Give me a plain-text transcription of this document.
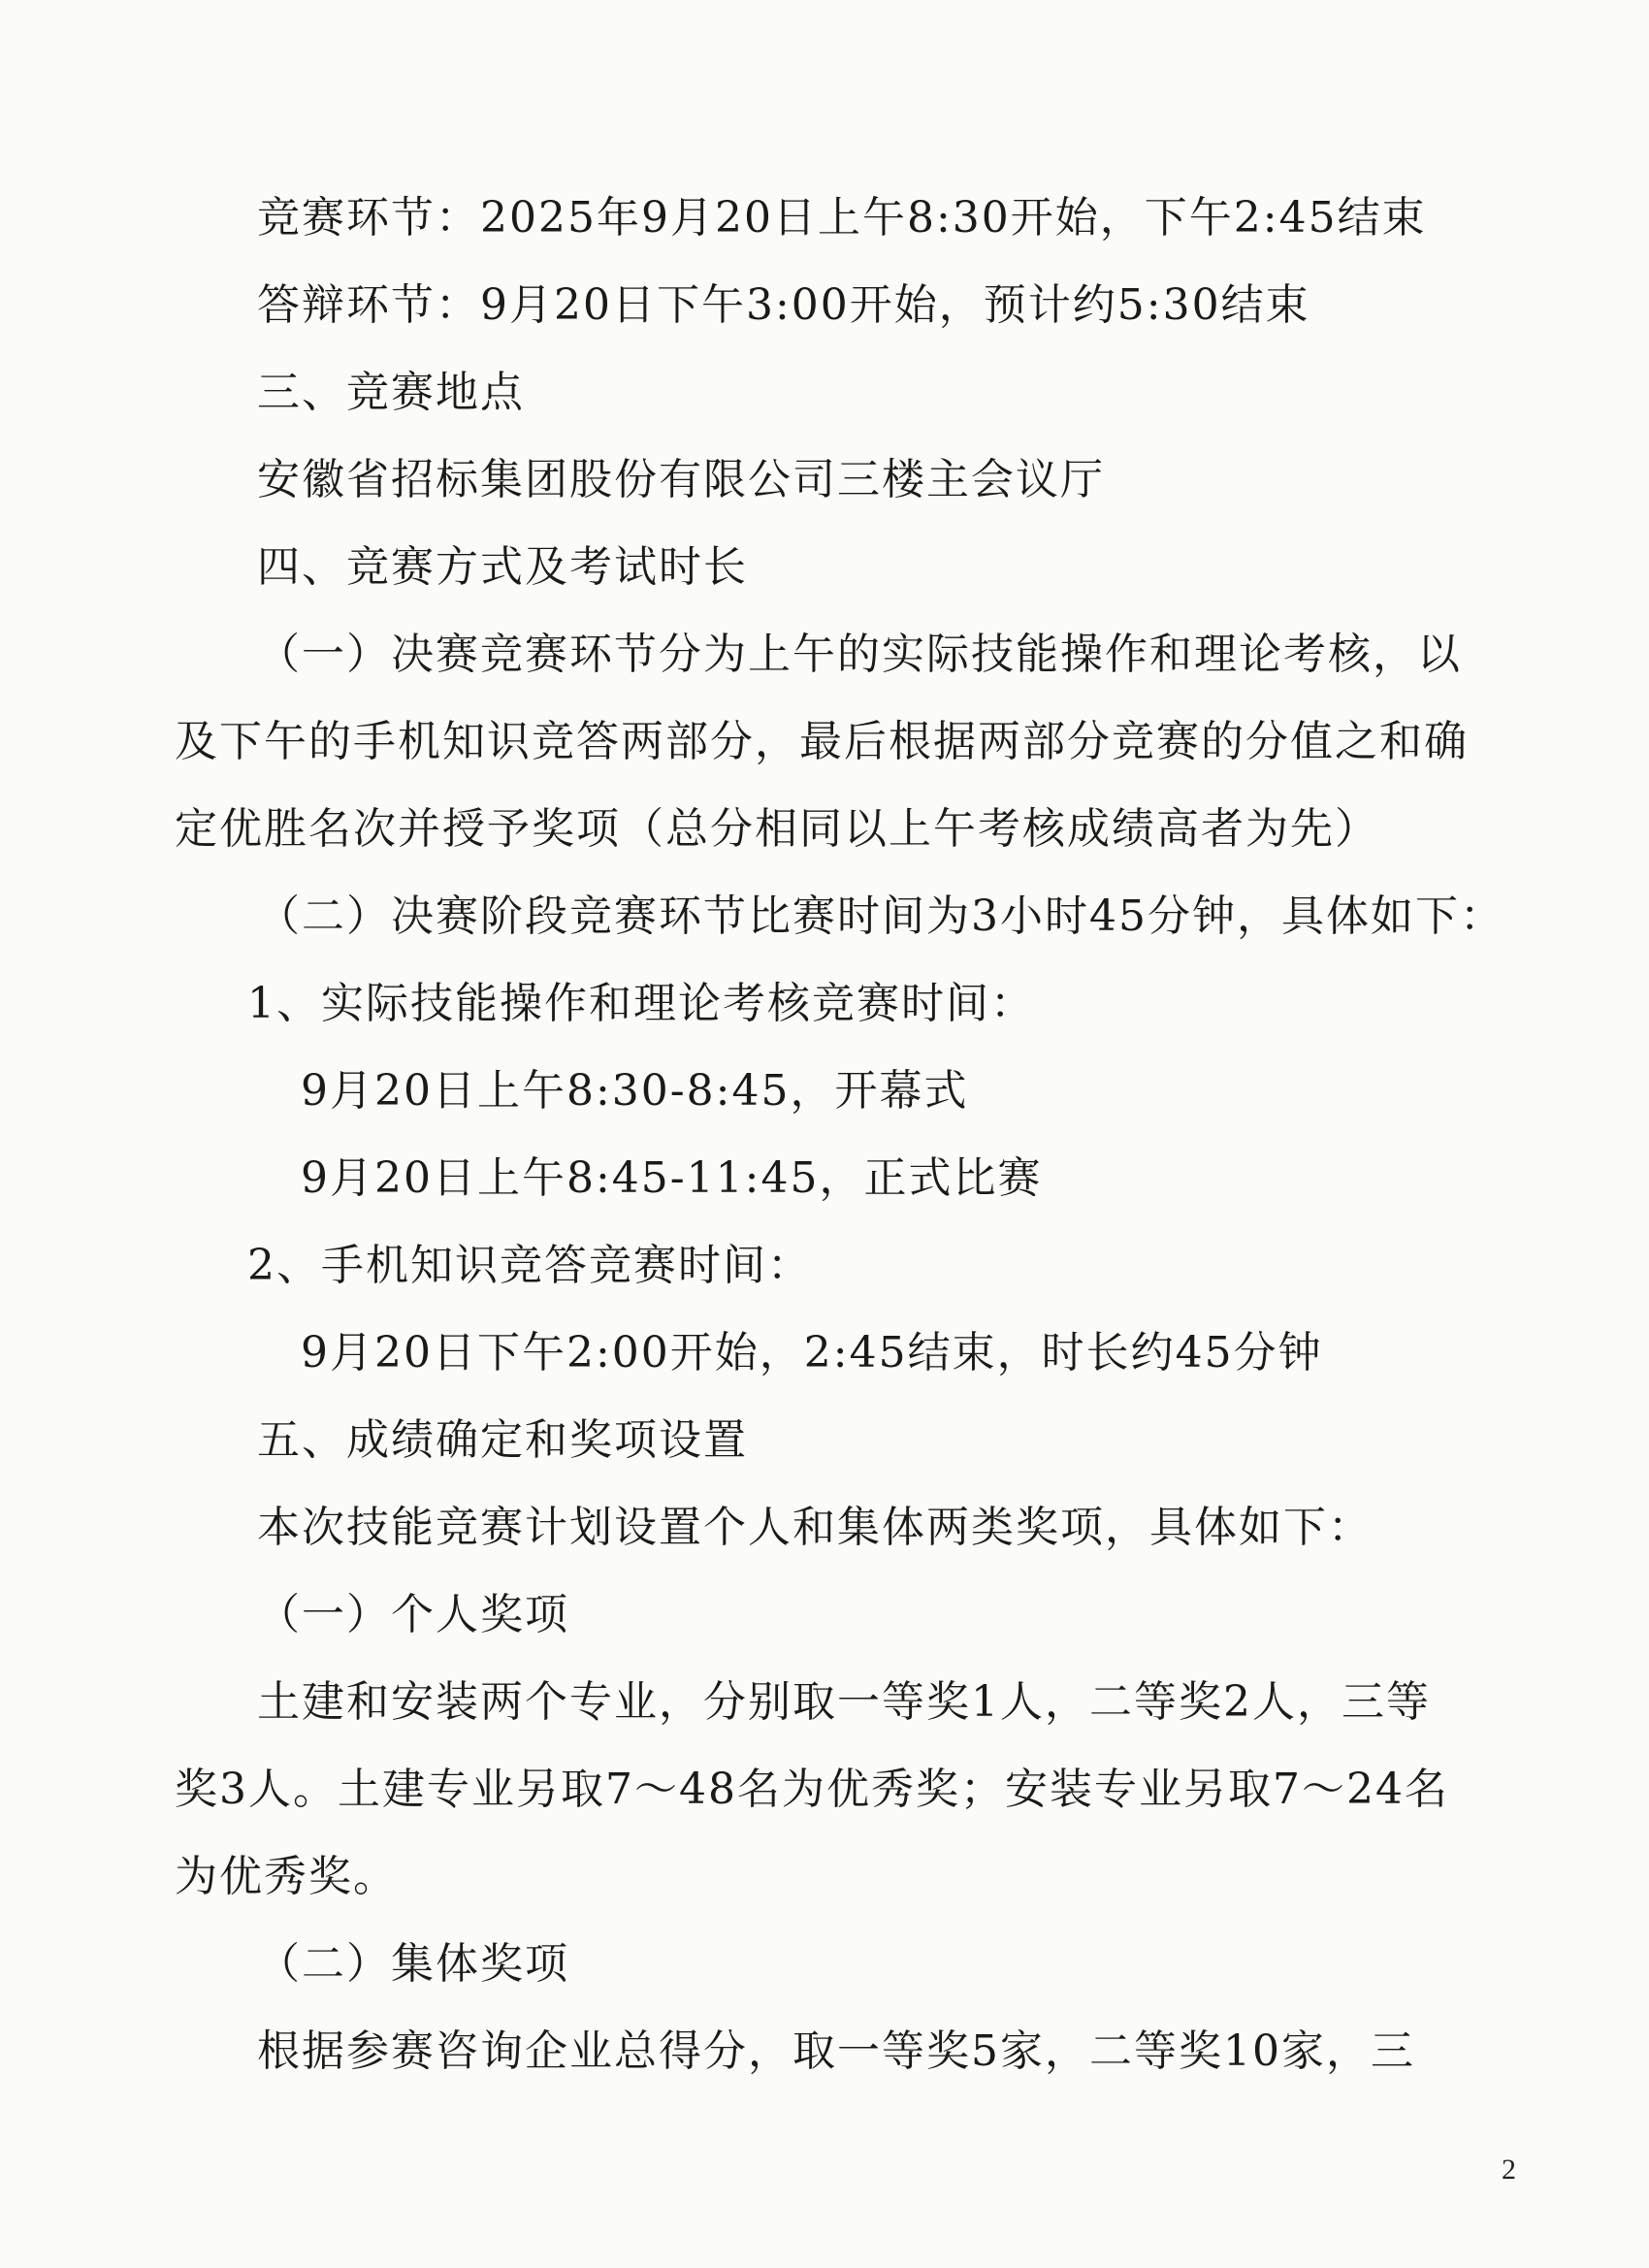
竞赛环节：2025年9月20日上午8:30开始，下午2:45结束
答辩环节：9月20日下午3:00开始，预计约5:30结束
三、竞赛地点
安徽省招标集团股份有限公司三楼主会议厅
四、竞赛方式及考试时长
（一）决赛竞赛环节分为上午的实际技能操作和理论考核，以
及下午的手机知识竞答两部分，最后根据两部分竞赛的分值之和确
定优胜名次并授予奖项（总分相同以上午考核成绩高者为先）
（二）决赛阶段竞赛环节比赛时间为3小时45分钟，具体如下：
1、实际技能操作和理论考核竞赛时间：
9月20日上午8:30-8:45，开幕式
9月20日上午8:45-11:45，正式比赛
2、手机知识竞答竞赛时间：
9月20日下午2:00开始，2:45结束，时长约45分钟
五、成绩确定和奖项设置
本次技能竞赛计划设置个人和集体两类奖项，具体如下：
（一）个人奖项
土建和安装两个专业，分别取一等奖1人，二等奖2人，三等
奖3人。土建专业另取7～48名为优秀奖；安装专业另取7～24名
为优秀奖。
（二）集体奖项
根据参赛咨询企业总得分，取一等奖5家，二等奖10家，三
2
